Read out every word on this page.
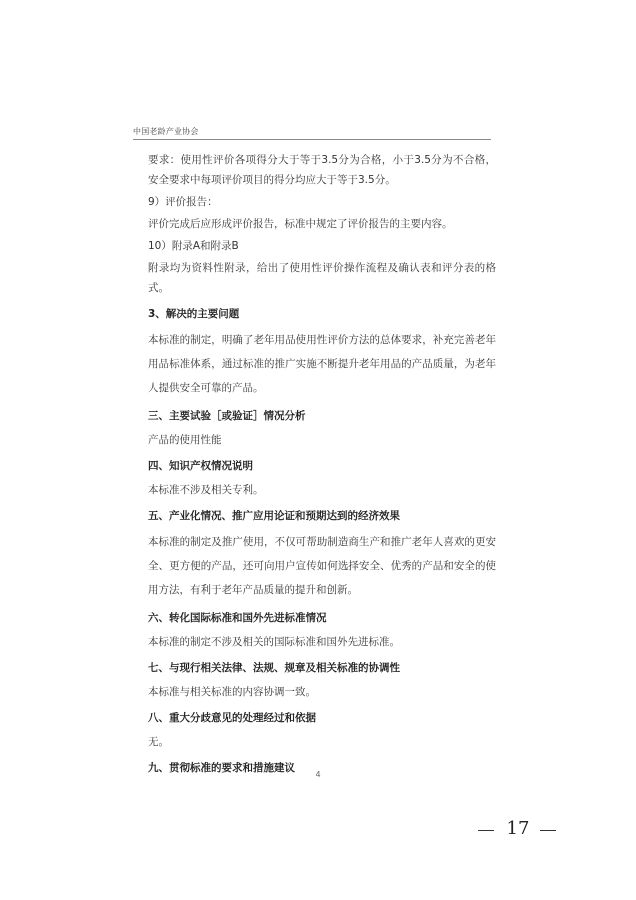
中国老龄产业协会
要求：使用性评价各项得分大于等于3.5分为合格，小于3.5分为不合格，安全要求中每项评价项目的得分均应大于等于3.5分。
9）评价报告：
评价完成后应形成评价报告，标准中规定了评价报告的主要内容。
10）附录A和附录B
附录均为资料性附录，给出了使用性评价操作流程及确认表和评分表的格式。
3、解决的主要问题
本标准的制定，明确了老年用品使用性评价方法的总体要求，补充完善老年用品标准体系，通过标准的推广实施不断提升老年用品的产品质量，为老年人提供安全可靠的产品。
三、主要试验［或验证］情况分析
产品的使用性能
四、知识产权情况说明
本标准不涉及相关专利。
五、产业化情况、推广应用论证和预期达到的经济效果
本标准的制定及推广使用，不仅可帮助制造商生产和推广老年人喜欢的更安全、更方便的产品，还可向用户宣传如何选择安全、优秀的产品和安全的使用方法，有利于老年产品质量的提升和创新。
六、转化国际标准和国外先进标准情况
本标准的制定不涉及相关的国际标准和国外先进标准。
七、与现行相关法律、法规、规章及相关标准的协调性
本标准与相关标准的内容协调一致。
八、重大分歧意见的处理经过和依据
无。
九、贯彻标准的要求和措施建议
4
17
